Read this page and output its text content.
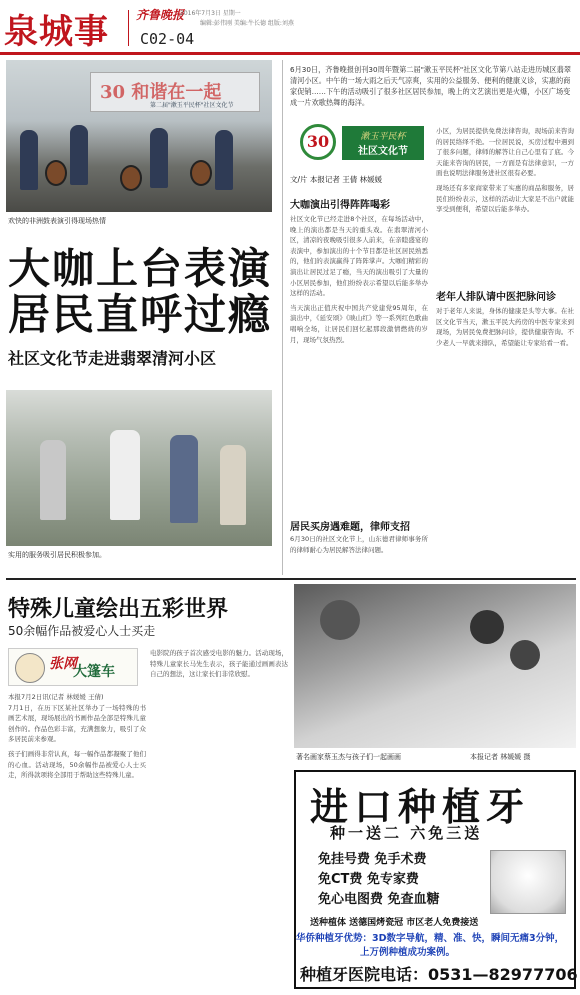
泉城事 齐鲁晚报
2016年7月3日 星期一
编辑:彭伟刚 美编:牛长德 组版:刘燕
C02-04
30 和谐在一起
第二届"漱玉平民杯"社区文化节
欢快的非洲鼓表演引得现场热情
大咖上台表演
居民直呼过瘾
社区文化节走进翡翠清河小区
实用的服务吸引居民积极参加。
6月30日，齐鲁晚报创刊30周年暨第二届"漱玉平民杯"社区文化节第八站走进历城区翡翠清河小区。中午的一场大雨之后天气凉爽，实用的公益服务、便利的健康义诊，实惠的商家促销……下午的活动吸引了很多社区居民参加，晚上的文艺演出更是火爆，小区广场变成一片欢歌热舞的海洋。
30	漱玉平民杯
社区文化节
文/片 本报记者 王倩 林媛媛
大咖演出引得阵阵喝彩

社区文化节已经走进8个社区，在每场活动中，晚上的演出都是当天的重头戏。在翡翠清河小区，清凉的夜晚吸引很多人前来，在亲睦盛宴的表演中，参加演出的十个节目都是社区居民熟悉的，他们的表演赢得了阵阵掌声。大咖们精彩的演出让居民过足了瘾，当天的演出吸引了大量的小区居民参加，他们纷纷表示希望以后能多举办这样的活动。

当天演出正值庆祝中国共产党建党95周年，在演出中，《延安颂》《映山红》等一系列红色歌曲唱响全场，让居民们回忆起那段激情燃烧的岁月，现场气氛热烈。

居民买房遇难题，律师支招
6月30日的社区文化节上，山东德君律师事务所的律师耐心为居民解答法律问题。

小区，为居民提供免费法律咨询，现场前来咨询的居民络绎不绝。一位居民说，买房过程中遇到了很多问题，律师的解答让自己心里有了底。今天能来咨询的居民，一方面是有法律意识，一方面也说明法律服务进社区很有必要。

现场还有多家商家带来了实惠的商品和服务，居民们纷纷表示，这样的活动让大家足不出户就能享受到便利，希望以后能多举办。

老年人排队请中医把脉问诊
对于老年人来说，身体的健康是头等大事。在社区文化节当天，漱玉平民大药房的中医专家来到现场，为居民免费把脉问诊，提供健康咨询。不少老人一早就来排队，希望能让专家给看一看。
特殊儿童绘出五彩世界
50余幅作品被爱心人士买走
张网
大篷车

本报7月2日讯(记者 林媛媛 王倩)

7月1日，在历下区某社区举办了一场特殊的书画艺术展，现场展出的书画作品全部是特殊儿童创作的。作品色彩丰富，充满想象力，吸引了众多居民前来参观。

孩子们画得非常认真，每一幅作品都凝聚了他们的心血。活动现场，50余幅作品被爱心人士买走，所得款项将全部用于帮助这些特殊儿童。

电影院的孩子首次感受电影的魅力。活动现场，特殊儿童家长马先生表示，孩子能通过画画表达自己的想法，这让家长们非常欣慰。
著名画家蔡玉杰与孩子们一起画画	本报记者 林媛媛 摄
进口种植牙
种一送二 六免三送
免挂号费 免手术费
免CT费 免专家费
免心电图费 免查血糖
送种植体 送德国烤瓷冠 市区老人免费接送
华侨种植牙优势：3D数字导航，精、准、快，瞬间无痛3分钟，
上万例种植成功案例。
种植牙医院电话：0531—82977706
